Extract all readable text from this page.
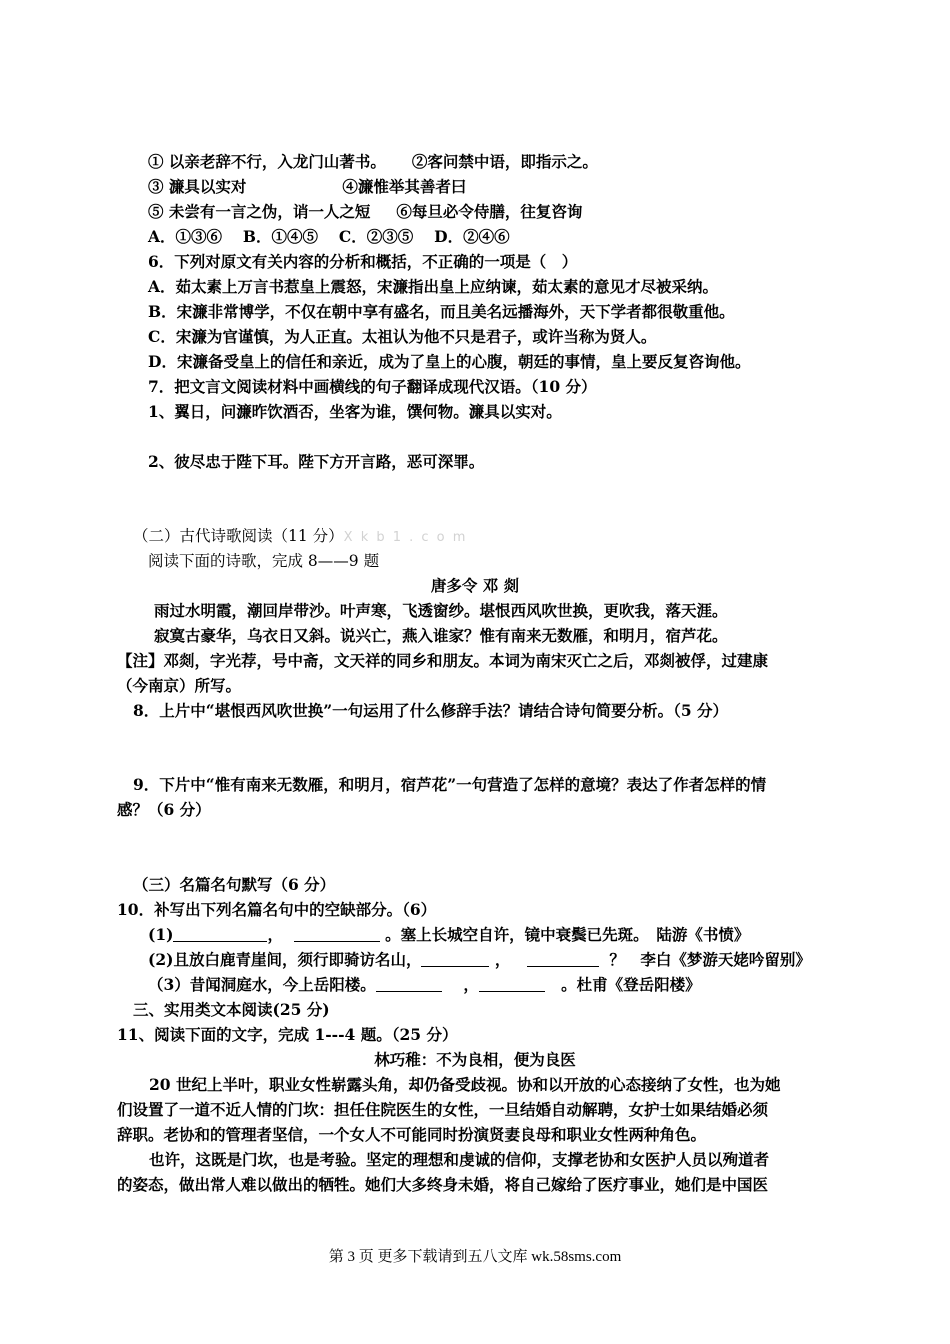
① 以亲老辞不行，入龙门山著书。 ②客问禁中语，即指示之。
③ 濂具以实对	④濂惟举其善者曰
⑤ 未尝有一言之伪，诮一人之短 ⑥每旦必令侍膳，往复咨询
A．①③⑥　 B．①④⑤　 C．②③⑤　 D．②④⑥
6．下列对原文有关内容的分析和概括，不正确的一项是（　）
A．茹太素上万言书惹皇上震怒，宋濂指出皇上应纳谏，茹太素的意见才尽被采纳。
B．宋濂非常博学，不仅在朝中享有盛名，而且美名远播海外，天下学者都很敬重他。
C．宋濂为官谨慎，为人正直。太祖认为他不只是君子，或许当称为贤人。
D．宋濂备受皇上的信任和亲近，成为了皇上的心腹，朝廷的事情，皇上要反复咨询他。
7．把文言文阅读材料中画横线的句子翻译成现代汉语。（10 分）
1、翼日，问濂昨饮酒否，坐客为谁，馔何物。濂具以实对。
2、彼尽忠于陛下耳。陛下方开言路，恶可深罪。
（二）古代诗歌阅读（11 分）X k b 1 . c o m
阅读下面的诗歌，完成 8——9 题
唐多令 邓 剡
雨过水明霞，潮回岸带沙。叶声寒，飞透窗纱。堪恨西风吹世换，更吹我，落天涯。
寂寞古豪华，乌衣日又斜。说兴亡，燕入谁家？惟有南来无数雁，和明月，宿芦花。
【注】邓剡，字光荐，号中斋，文天祥的同乡和朋友。本词为南宋灭亡之后，邓剡被俘，过建康
（今南京）所写。
8．上片中“堪恨西风吹世换”一句运用了什么修辞手法？请结合诗句简要分析。（5 分）
9．下片中“惟有南来无数雁，和明月，宿芦花”一句营造了怎样的意境？表达了作者怎样的情
感？（6 分）
（三）名篇名句默写（6 分）
10．补写出下列名篇名句中的空缺部分。（6）
(1)	，	。塞上长城空自许，镜中衰鬓已先斑。　陆游《书愤》
(2)且放白鹿青崖间，须行即骑访名山，	，	？　李白《梦游天姥吟留别》
（3）昔闻洞庭水，今上岳阳楼。	，	。杜甫《登岳阳楼》
三、实用类文本阅读(25 分)
11、阅读下面的文字，完成 1---4 题。（25 分）
林巧稚：不为良相，便为良医
20 世纪上半叶，职业女性崭露头角，却仍备受歧视。协和以开放的心态接纳了女性，也为她
们设置了一道不近人情的门坎：担任住院医生的女性，一旦结婚自动解聘，女护士如果结婚必须
辞职。老协和的管理者坚信，一个女人不可能同时扮演贤妻良母和职业女性两种角色。
也许，这既是门坎，也是考验。坚定的理想和虔诚的信仰，支撑老协和女医护人员以殉道者
的姿态，做出常人难以做出的牺牲。她们大多终身未婚，将自己嫁给了医疗事业，她们是中国医
第 3 页 更多下载请到五八文库 wk.58sms.com
